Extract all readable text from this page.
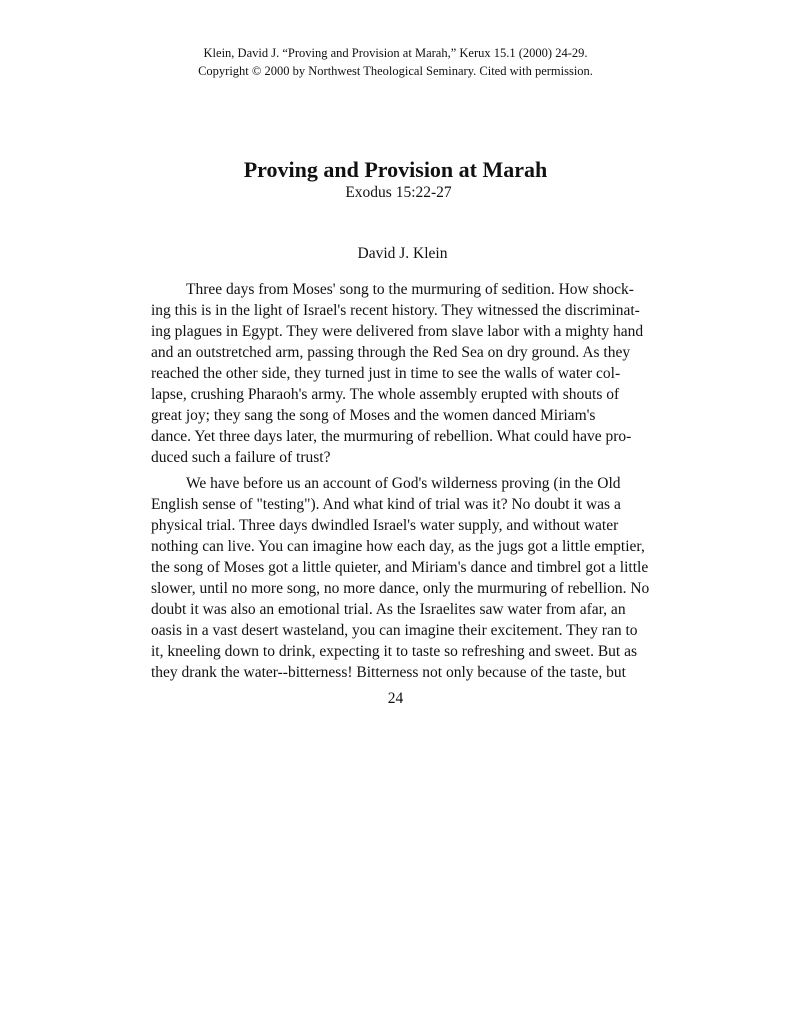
Klein, David J. “Proving and Provision at Marah,” Kerux 15.1 (2000) 24-29.
Copyright © 2000 by Northwest Theological Seminary. Cited with permission.
Proving and Provision at Marah

Exodus 15:22-27

David J. Klein
Three days from Moses' song to the murmuring of sedition. How shock-
ing this is in the light of Israel's recent history. They witnessed the discriminat-
ing plagues in Egypt. They were delivered from slave labor with a mighty hand
and an outstretched arm, passing through the Red Sea on dry ground. As they
reached the other side, they turned just in time to see the walls of water col-
lapse, crushing Pharaoh's army. The whole assembly erupted with shouts of
great joy; they sang the song of Moses and the women danced Miriam's
dance. Yet three days later, the murmuring of rebellion. What could have pro-
duced such a failure of trust?
We have before us an account of God's wilderness proving (in the Old
English sense of "testing"). And what kind of trial was it? No doubt it was a
physical trial. Three days dwindled Israel's water supply, and without water
nothing can live. You can imagine how each day, as the jugs got a little emptier,
the song of Moses got a little quieter, and Miriam's dance and timbrel got a little
slower, until no more song, no more dance, only the murmuring of rebellion. No
doubt it was also an emotional trial. As the Israelites saw water from afar, an
oasis in a vast desert wasteland, you can imagine their excitement. They ran to
it, kneeling down to drink, expecting it to taste so refreshing and sweet. But as
they drank the water--bitterness! Bitterness not only because of the taste, but
24
